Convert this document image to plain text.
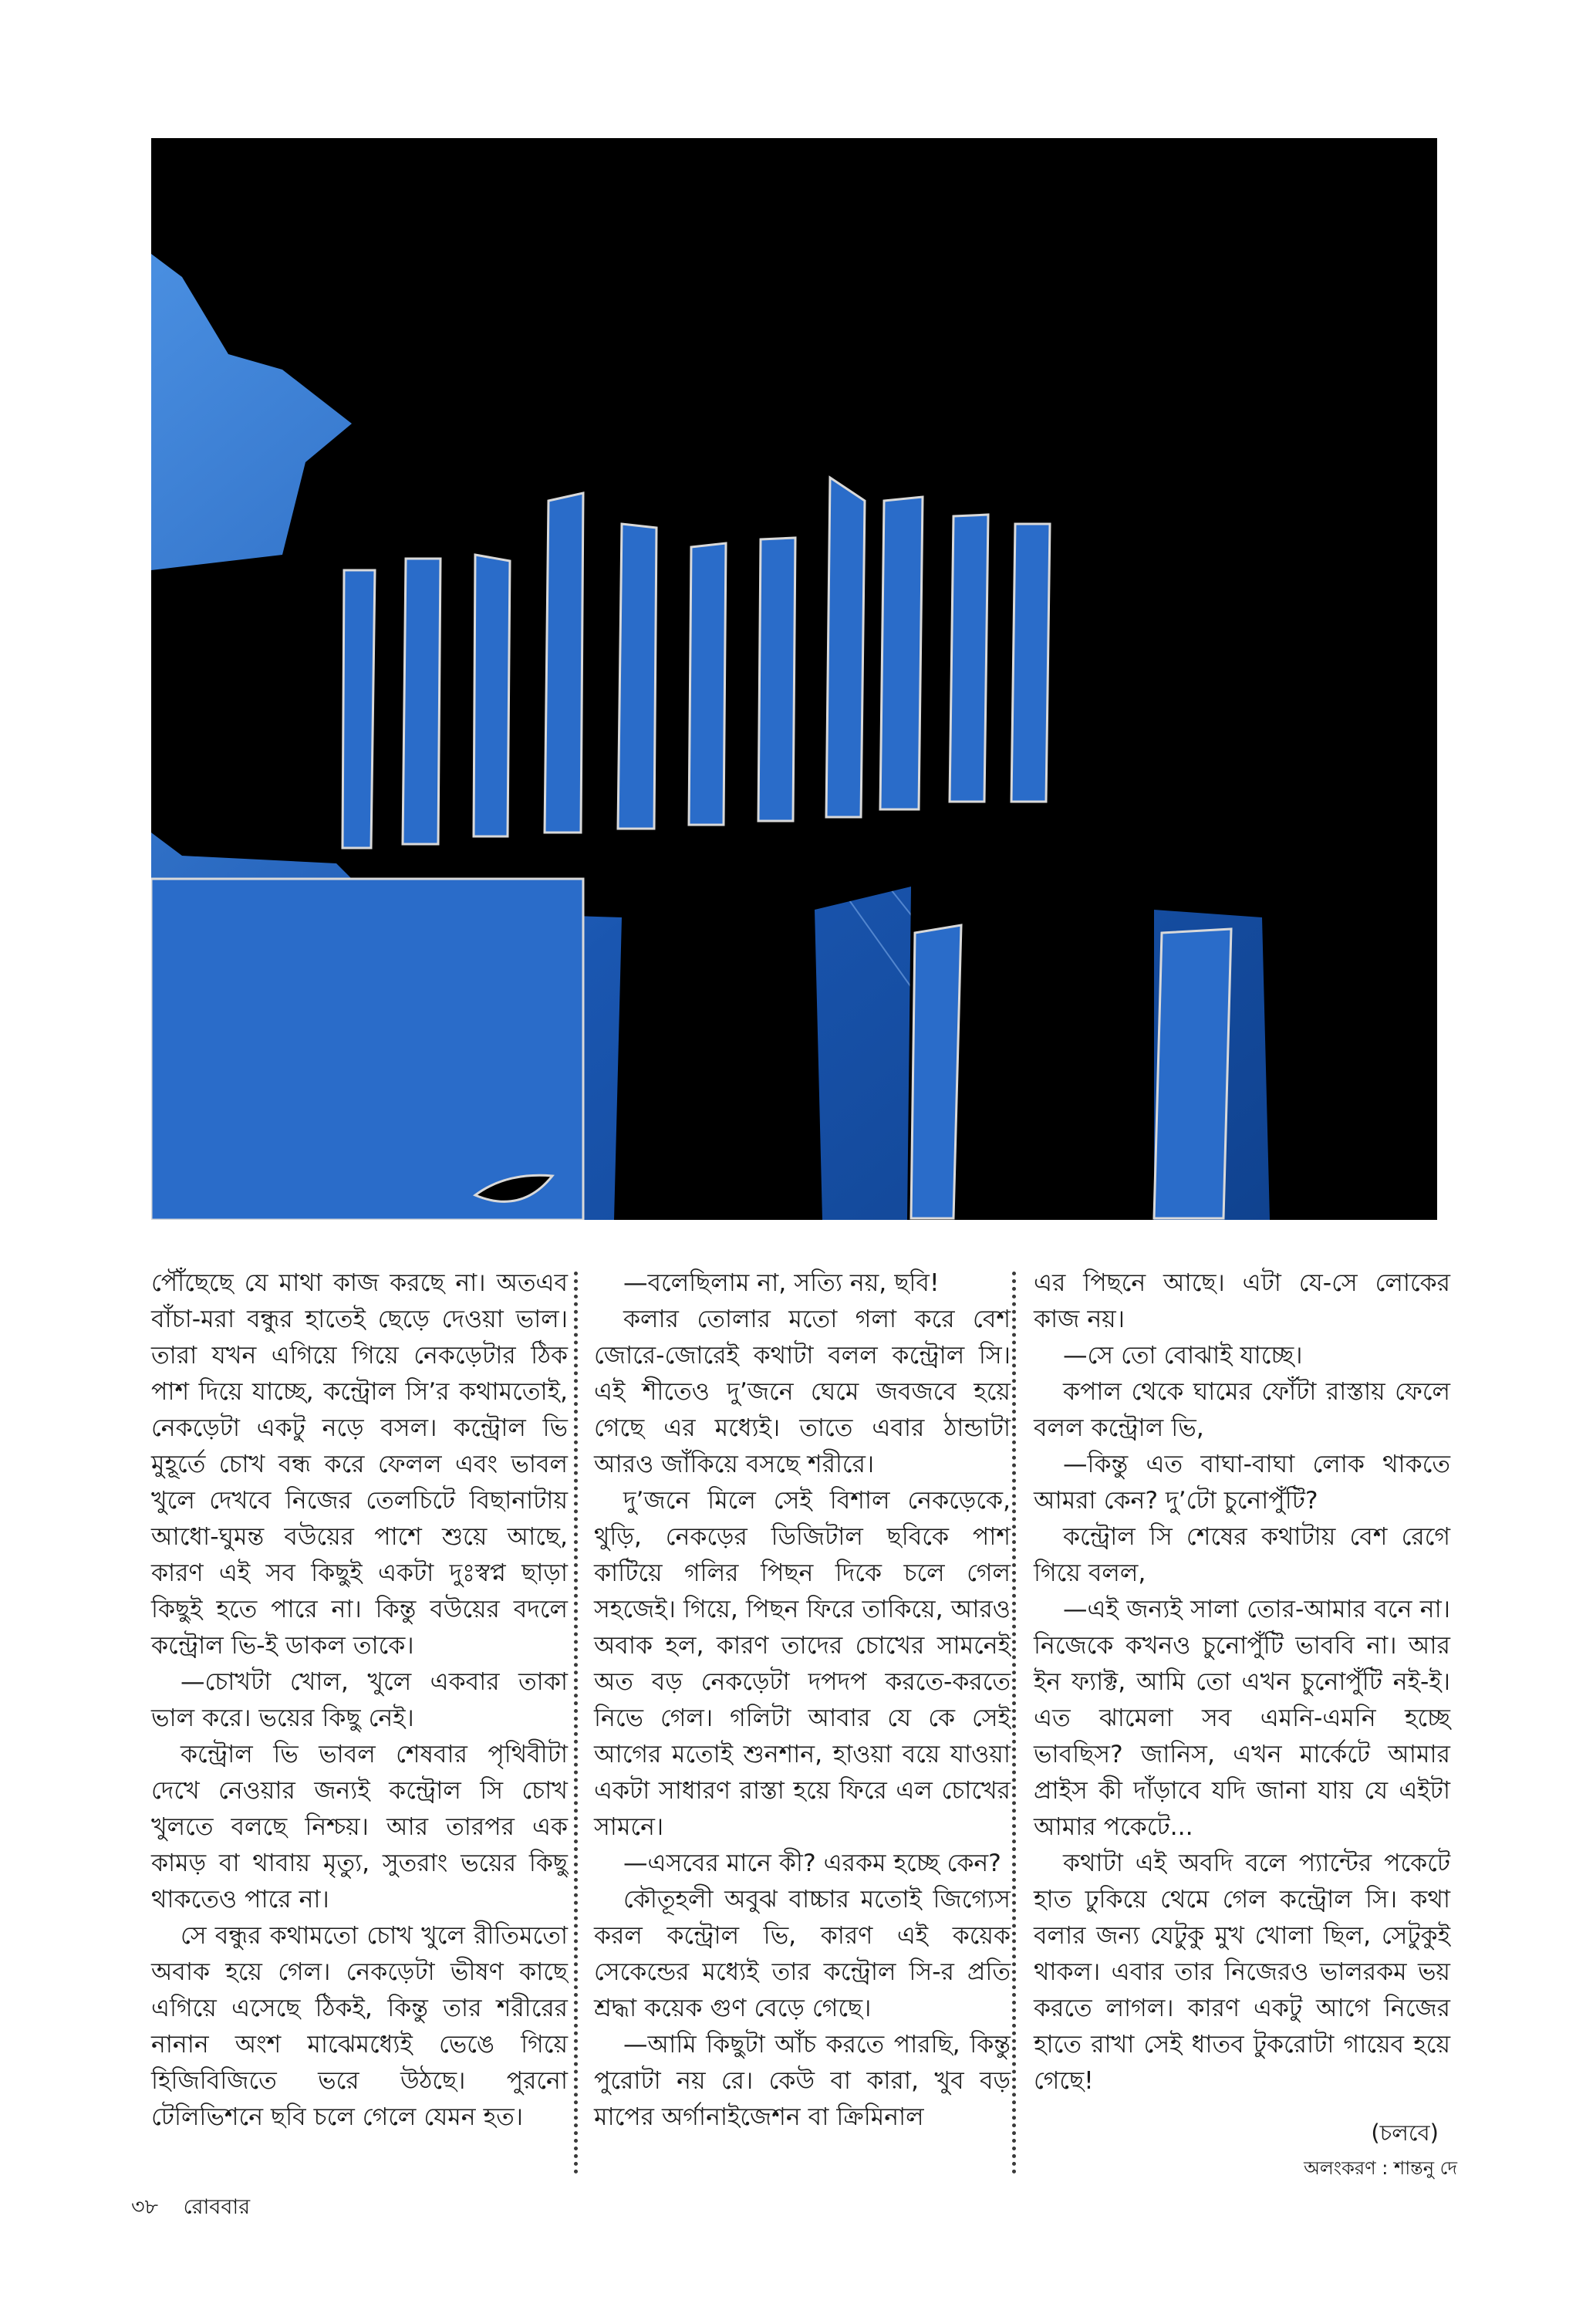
পৌঁছেছে যে মাথা কাজ করছে না। অতএব বাঁচা-মরা বন্ধুর হাতেই ছেড়ে দেওয়া ভাল। তারা যখন এগিয়ে গিয়ে নেকড়েটার ঠিক পাশ দিয়ে যাচ্ছে, কন্ট্রোল সি’র কথামতোই, নেকড়েটা একটু নড়ে বসল। কন্ট্রোল ভি মুহূর্তে চোখ বন্ধ করে ফেলল এবং ভাবল খুলে দেখবে নিজের তেলচিটে বিছানাটায় আধো-ঘুমন্ত বউয়ের পাশে শুয়ে আছে, কারণ এই সব কিছুই একটা দুঃস্বপ্ন ছাড়া কিছুই হতে পারে না। কিন্তু বউয়ের বদলে কন্ট্রোল ভি-ই ডাকল তাকে।

—চোখটা খোল, খুলে একবার তাকা ভাল করে। ভয়ের কিছু নেই।

কন্ট্রোল ভি ভাবল শেষবার পৃথিবীটা দেখে নেওয়ার জন্যই কন্ট্রোল সি চোখ খুলতে বলছে নিশ্চয়। আর তারপর এক কামড় বা থাবায় মৃত্যু, সুতরাং ভয়ের কিছু থাকতেও পারে না।

সে বন্ধুর কথামতো চোখ খুলে রীতিমতো অবাক হয়ে গেল। নেকড়েটা ভীষণ কাছে এগিয়ে এসেছে ঠিকই, কিন্তু তার শরীরের নানান অংশ মাঝেমধ্যেই ভেঙে গিয়ে হিজিবিজিতে ভরে উঠছে। পুরনো টেলিভিশনে ছবি চলে গেলে যেমন হত।

—বলেছিলাম না, সত্যি নয়, ছবি!

কলার তোলার মতো গলা করে বেশ জোরে-জোরেই কথাটা বলল কন্ট্রোল সি। এই শীতেও দু’জনে ঘেমে জবজবে হয়ে গেছে এর মধ্যেই। তাতে এবার ঠান্ডাটা আরও জাঁকিয়ে বসছে শরীরে।

দু’জনে মিলে সেই বিশাল নেকড়েকে, থুড়ি, নেকড়ের ডিজিটাল ছবিকে পাশ কাটিয়ে গলির পিছন দিকে চলে গেল সহজেই। গিয়ে, পিছন ফিরে তাকিয়ে, আরও অবাক হল, কারণ তাদের চোখের সামনেই অত বড় নেকড়েটা দপদপ করতে-করতে নিভে গেল। গলিটা আবার যে কে সেই আগের মতোই শুনশান, হাওয়া বয়ে যাওয়া একটা সাধারণ রাস্তা হয়ে ফিরে এল চোখের সামনে।

—এসবের মানে কী? এরকম হচ্ছে কেন?

কৌতূহলী অবুঝ বাচ্চার মতোই জিগ্যেস করল কন্ট্রোল ভি, কারণ এই কয়েক সেকেন্ডের মধ্যেই তার কন্ট্রোল সি-র প্রতি শ্রদ্ধা কয়েক গুণ বেড়ে গেছে।

—আমি কিছুটা আঁচ করতে পারছি, কিন্তু পুরোটা নয় রে। কেউ বা কারা, খুব বড় মাপের অর্গানাইজেশন বা ক্রিমিনাল

এর পিছনে আছে। এটা যে-সে লোকের কাজ নয়।

—সে তো বোঝাই যাচ্ছে।

কপাল থেকে ঘামের ফোঁটা রাস্তায় ফেলে বলল কন্ট্রোল ভি,

—কিন্তু এত বাঘা-বাঘা লোক থাকতে আমরা কেন? দু’টো চুনোপুঁটি?

কন্ট্রোল সি শেষের কথাটায় বেশ রেগে গিয়ে বলল,

—এই জন্যই সালা তোর-আমার বনে না। নিজেকে কখনও চুনোপুঁটি ভাববি না। আর ইন ফ্যাক্ট, আমি তো এখন চুনোপুঁটি নই-ই। এত ঝামেলা সব এমনি-এমনি হচ্ছে ভাবছিস? জানিস, এখন মার্কেটে আমার প্রাইস কী দাঁড়াবে যদি জানা যায় যে এইটা আমার পকেটে...

কথাটা এই অবদি বলে প্যান্টের পকেটে হাত ঢুকিয়ে থেমে গেল কন্ট্রোল সি। কথা বলার জন্য যেটুকু মুখ খোলা ছিল, সেটুকুই থাকল। এবার তার নিজেরও ভালরকম ভয় করতে লাগল। কারণ একটু আগে নিজের হাতে রাখা সেই ধাতব টুকরোটা গায়েব হয়ে গেছে!

(চলবে)
অলংকরণ : শান্তনু দে
৩৮ রোববার
